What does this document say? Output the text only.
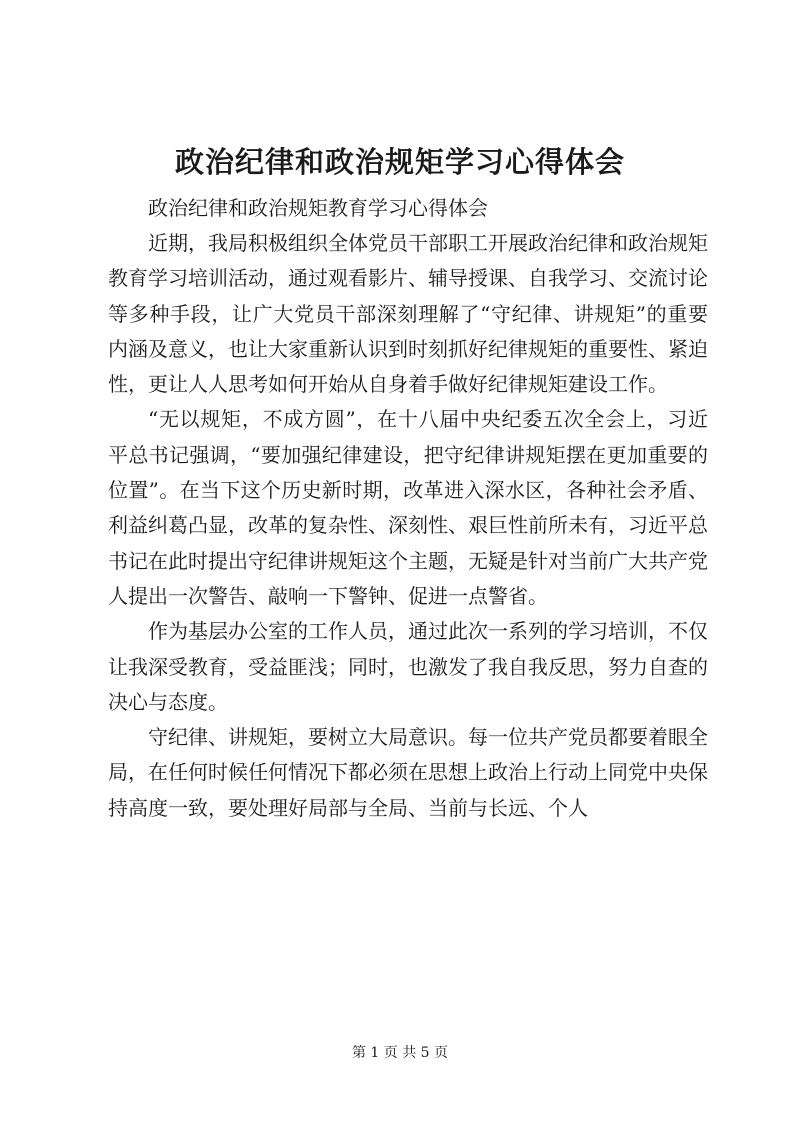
政治纪律和政治规矩学习心得体会

政治纪律和政治规矩教育学习心得体会

近期，我局积极组织全体党员干部职工开展政治纪律和政治规矩教育学习培训活动，通过观看影片、辅导授课、自我学习、交流讨论等多种手段，让广大党员干部深刻理解了“守纪律、讲规矩”的重要内涵及意义，也让大家重新认识到时刻抓好纪律规矩的重要性、紧迫性，更让人人思考如何开始从自身着手做好纪律规矩建设工作。

“无以规矩，不成方圆”，在十八届中央纪委五次全会上，习近平总书记强调，“要加强纪律建设，把守纪律讲规矩摆在更加重要的位置”。在当下这个历史新时期，改革进入深水区，各种社会矛盾、利益纠葛凸显，改革的复杂性、深刻性、艰巨性前所未有，习近平总书记在此时提出守纪律讲规矩这个主题，无疑是针对当前广大共产党人提出一次警告、敲响一下警钟、促进一点警省。

作为基层办公室的工作人员，通过此次一系列的学习培训，不仅让我深受教育，受益匪浅；同时，也激发了我自我反思，努力自查的决心与态度。

守纪律、讲规矩，要树立大局意识。每一位共产党员都要着眼全局，在任何时候任何情况下都必须在思想上政治上行动上同党中央保持高度一致，要处理好局部与全局、当前与长远、个人

第 1 页 共 5 页
